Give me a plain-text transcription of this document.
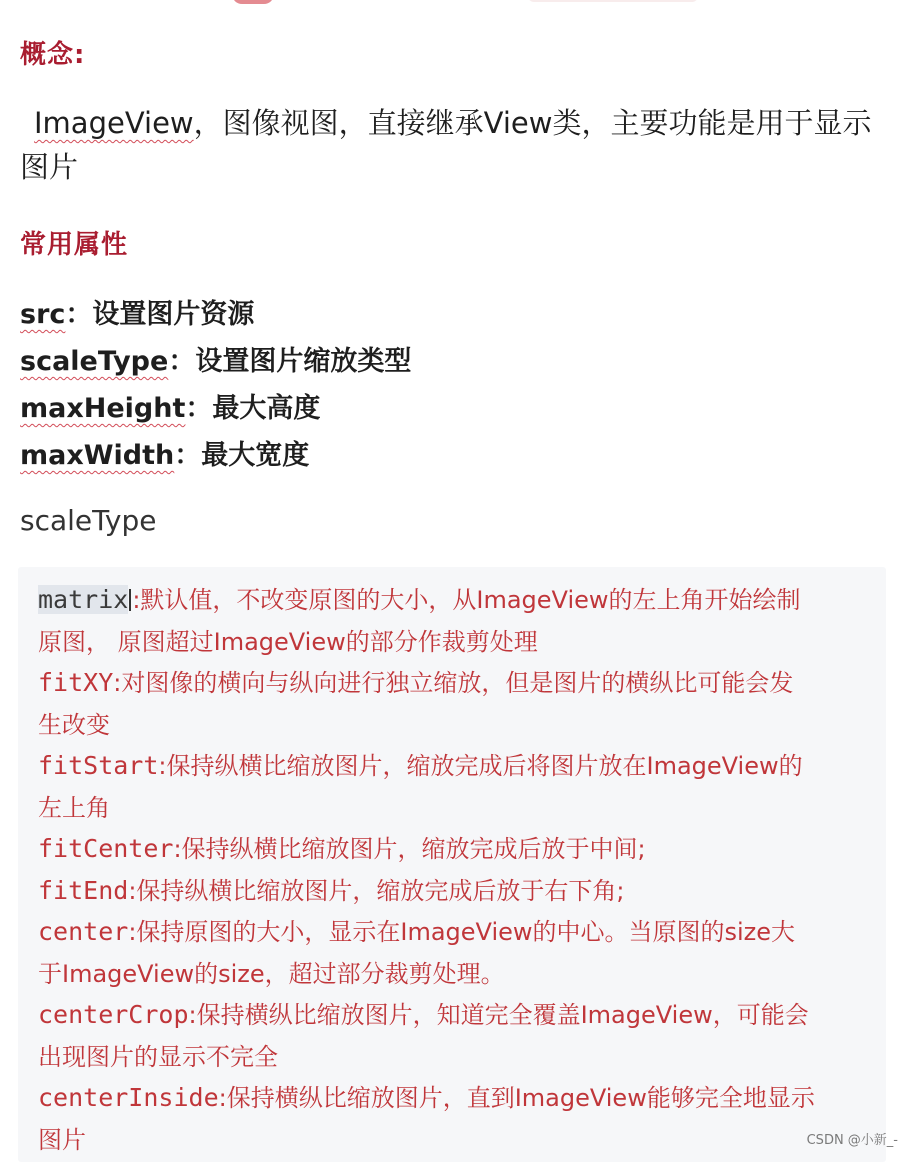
概念:
ImageView，图像视图，直接继承View类，主要功能是用于显示图片
常用属性
src：设置图片资源
scaleType：设置图片缩放类型
maxHeight：最大高度
maxWidth：最大宽度
scaleType
matrix :默认值，不改变原图的大小，从ImageView的左上角开始绘制
原图， 原图超过ImageView的部分作裁剪处理
fitXY:对图像的横向与纵向进行独立缩放，但是图片的横纵比可能会发
生改变
fitStart:保持纵横比缩放图片，缩放完成后将图片放在ImageView的
左上角
fitCenter:保持纵横比缩放图片，缩放完成后放于中间;
fitEnd:保持纵横比缩放图片，缩放完成后放于右下角;
center:保持原图的大小，显示在ImageView的中心。当原图的size大
于ImageView的size，超过部分裁剪处理。
centerCrop:保持横纵比缩放图片，知道完全覆盖ImageView，可能会
出现图片的显示不完全
centerInside:保持横纵比缩放图片，直到ImageView能够完全地显示
图片	CSDN @小新_-
